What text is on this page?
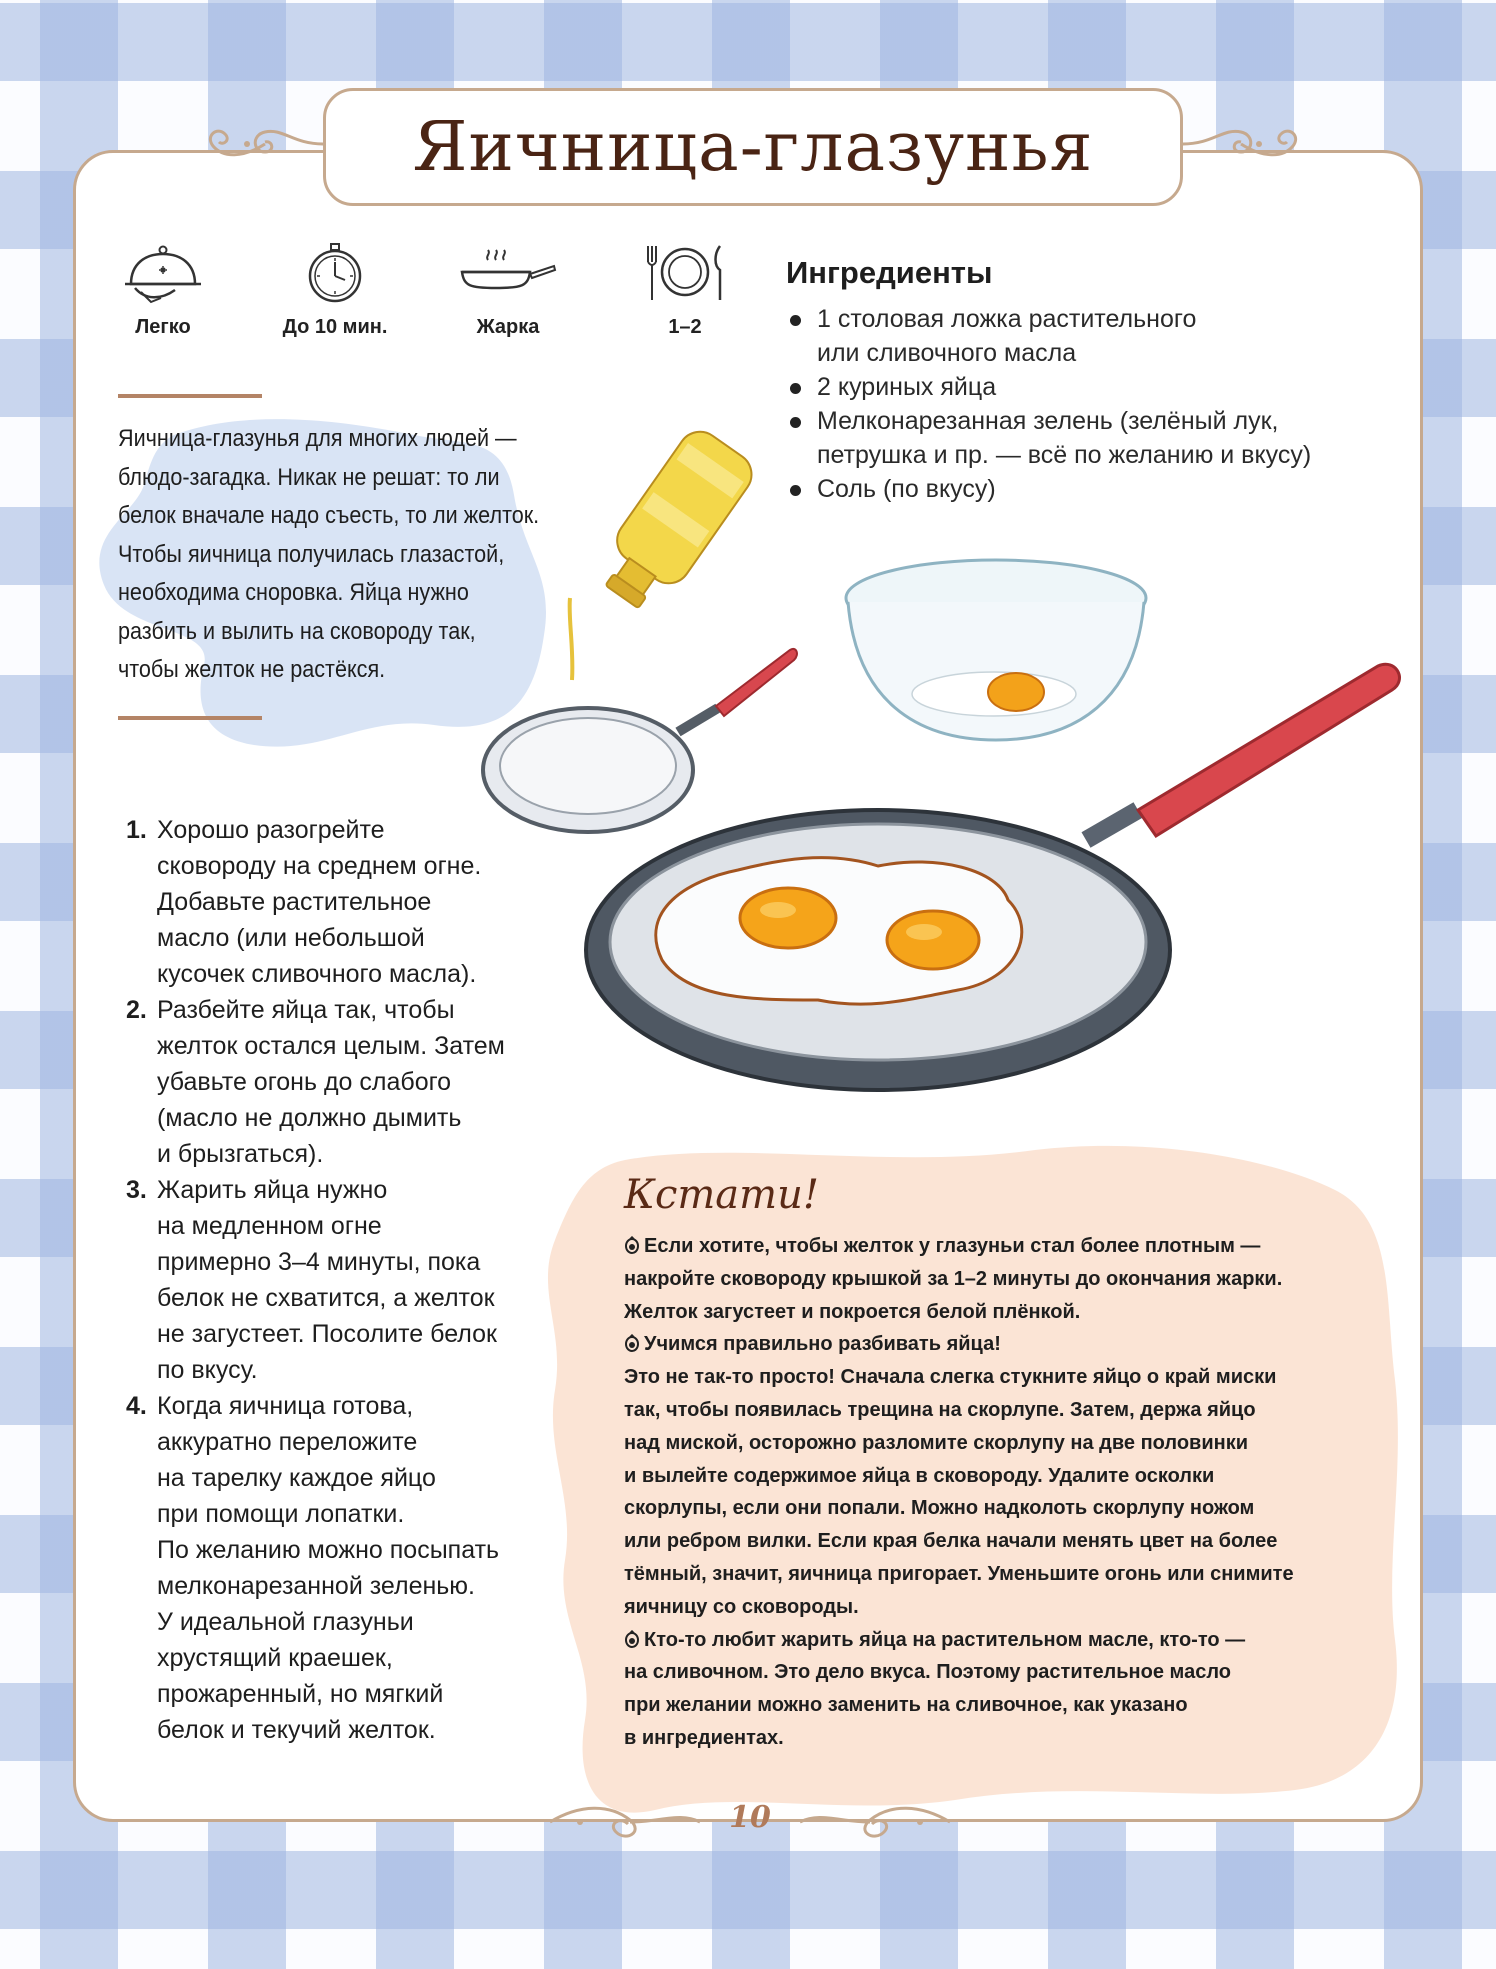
Яичница-глазунья
Легко	До 10 мин.	Жарка	1–2
Ингредиенты
1 столовая ложка растительного
или сливочного масла
2 куриных яйца
Мелконарезанная зелень (зелёный лук,
петрушка и пр. — всё по желанию и вкусу)
Соль (по вкусу)
Яичница-глазунья для многих людей —
блюдо-загадка. Никак не решат: то ли
белок вначале надо съесть, то ли желток.
Чтобы яичница получилась глазастой,
необходима сноровка. Яйца нужно
разбить и вылить на сковороду так,
чтобы желток не растёкся.
1. Хорошо разогрейте
сковороду на среднем огне.
Добавьте растительное
масло (или небольшой
кусочек сливочного масла).
2. Разбейте яйца так, чтобы
желток остался целым. Затем
убавьте огонь до слабого
(масло не должно дымить
и брызгаться).
3. Жарить яйца нужно
на медленном огне
примерно 3–4 минуты, пока
белок не схватится, а желток
не загустеет. Посолите белок
по вкусу.
4. Когда яичница готова,
аккуратно переложите
на тарелку каждое яйцо
при помощи лопатки.
По желанию можно посыпать
мелконарезанной зеленью.
У идеальной глазуньи
хрустящий краешек,
прожаренный, но мягкий
белок и текучий желток.
Кстати!

Если хотите, чтобы желток у глазуньи стал более плотным —

накройте сковороду крышкой за 1–2 минуты до окончания жарки.

Желток загустеет и покроется белой плёнкой.

Учимся правильно разбивать яйца!

Это не так-то просто! Сначала слегка стукните яйцо о край миски

так, чтобы появилась трещина на скорлупе. Затем, держа яйцо

над миской, осторожно разломите скорлупу на две половинки

и вылейте содержимое яйца в сковороду. Удалите осколки

скорлупы, если они попали. Можно надколоть скорлупу ножом

или ребром вилки. Если края белка начали менять цвет на более

тёмный, значит, яичница пригорает. Уменьшите огонь или снимите

яичницу со сковороды.

Кто-то любит жарить яйца на растительном масле, кто-то —

на сливочном. Это дело вкуса. Поэтому растительное масло

при желании можно заменить на сливочное, как указано

в ингредиентах.

10
